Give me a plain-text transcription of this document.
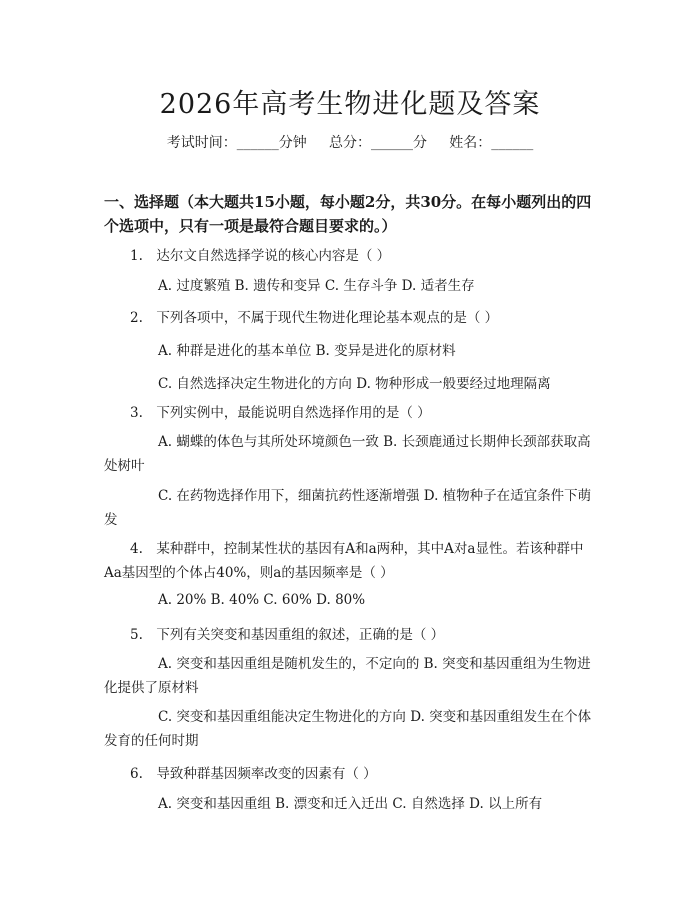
2026年高考生物进化题及答案
考试时间：______分钟     总分：______分     姓名：______

一、选择题（本大题共15小题，每小题2分，共30分。在每小题列出的四个选项中，只有一项是最符合题目要求的。）

1.　达尔文自然选择学说的核心内容是（ ）

A. 过度繁殖 B. 遗传和变异 C. 生存斗争 D. 适者生存

2.　下列各项中，不属于现代生物进化理论基本观点的是（ ）

A. 种群是进化的基本单位 B. 变异是进化的原材料

C. 自然选择决定生物进化的方向 D. 物种形成一般要经过地理隔离

3.　下列实例中，最能说明自然选择作用的是（ ）

A. 蝴蝶的体色与其所处环境颜色一致 B. 长颈鹿通过长期伸长颈部获取高处树叶

C. 在药物选择作用下，细菌抗药性逐渐增强 D. 植物种子在适宜条件下萌发

4.　某种群中，控制某性状的基因有A和a两种，其中A对a显性。若该种群中Aa基因型的个体占40%，则a的基因频率是（ ）

A. 20% B. 40% C. 60% D. 80%

5.　下列有关突变和基因重组的叙述，正确的是（ ）

A. 突变和基因重组是随机发生的，不定向的 B. 突变和基因重组为生物进化提供了原材料

C. 突变和基因重组能决定生物进化的方向 D. 突变和基因重组发生在个体发育的任何时期

6.　导致种群基因频率改变的因素有（ ）

A. 突变和基因重组 B. 漂变和迁入迁出 C. 自然选择 D. 以上所有
